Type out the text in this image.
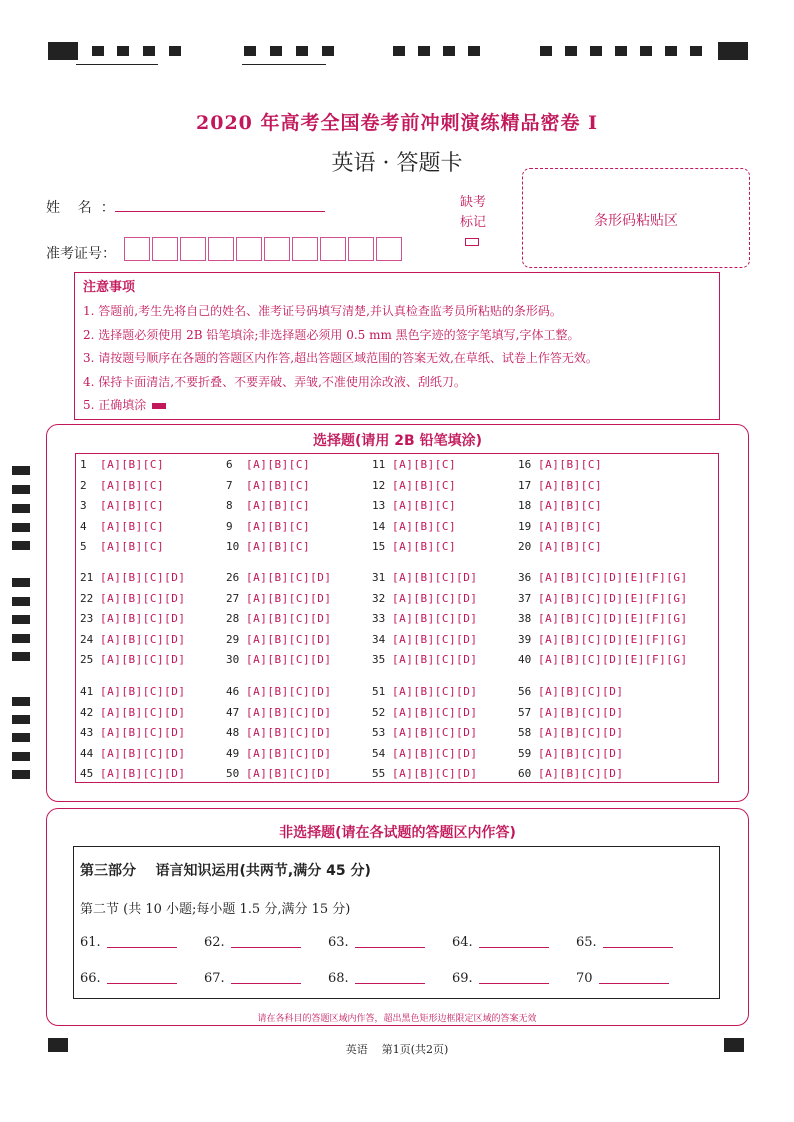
2020 年高考全国卷考前冲刺演练精品密卷 I
英语 · 答题卡
姓    名  ：
准考证号：
缺考
标记	条形码粘贴区
注意事项
1. 答题前,考生先将自己的姓名、准考证号码填写清楚,并认真检查监考员所粘贴的条形码。
2. 选择题必须使用 2B 铅笔填涂;非选择题必须用 0.5 mm 黑色字迹的签字笔填写,字体工整。
3. 请按题号顺序在各题的答题区内作答,超出答题区域范围的答案无效,在草纸、试卷上作答无效。
4. 保持卡面清洁,不要折叠、不要弄破、弄皱,不准使用涂改液、刮纸刀。
5. 正确填涂
选择题(请用 2B 铅笔填涂)
1 [A][B][C]
2 [A][B][C]
3 [A][B][C]
4 [A][B][C]
5 [A][B][C]
6 [A][B][C]
7 [A][B][C]
8 [A][B][C]
9 [A][B][C]
10 [A][B][C]
11 [A][B][C]
12 [A][B][C]
13 [A][B][C]
14 [A][B][C]
15 [A][B][C]
16 [A][B][C]
17 [A][B][C]
18 [A][B][C]
19 [A][B][C]
20 [A][B][C]
21 [A][B][C][D]
22 [A][B][C][D]
23 [A][B][C][D]
24 [A][B][C][D]
25 [A][B][C][D]
26 [A][B][C][D]
27 [A][B][C][D]
28 [A][B][C][D]
29 [A][B][C][D]
30 [A][B][C][D]
31 [A][B][C][D]
32 [A][B][C][D]
33 [A][B][C][D]
34 [A][B][C][D]
35 [A][B][C][D]
36 [A][B][C][D][E][F][G]
37 [A][B][C][D][E][F][G]
38 [A][B][C][D][E][F][G]
39 [A][B][C][D][E][F][G]
40 [A][B][C][D][E][F][G]
41 [A][B][C][D]
42 [A][B][C][D]
43 [A][B][C][D]
44 [A][B][C][D]
45 [A][B][C][D]
46 [A][B][C][D]
47 [A][B][C][D]
48 [A][B][C][D]
49 [A][B][C][D]
50 [A][B][C][D]
51 [A][B][C][D]
52 [A][B][C][D]
53 [A][B][C][D]
54 [A][B][C][D]
55 [A][B][C][D]
56 [A][B][C][D]
57 [A][B][C][D]
58 [A][B][C][D]
59 [A][B][C][D]
60 [A][B][C][D]
非选择题(请在各试题的答题区内作答)
第三部分    语言知识运用(共两节,满分 45 分)
第二节 (共 10 小题;每小题 1.5 分,满分 15 分)
61.	62.	63.	64.	65.
66.	67.	68.	69.	70
请在各科目的答题区域内作答，超出黑色矩形边框限定区域的答案无效
英语    第1页(共2页)
